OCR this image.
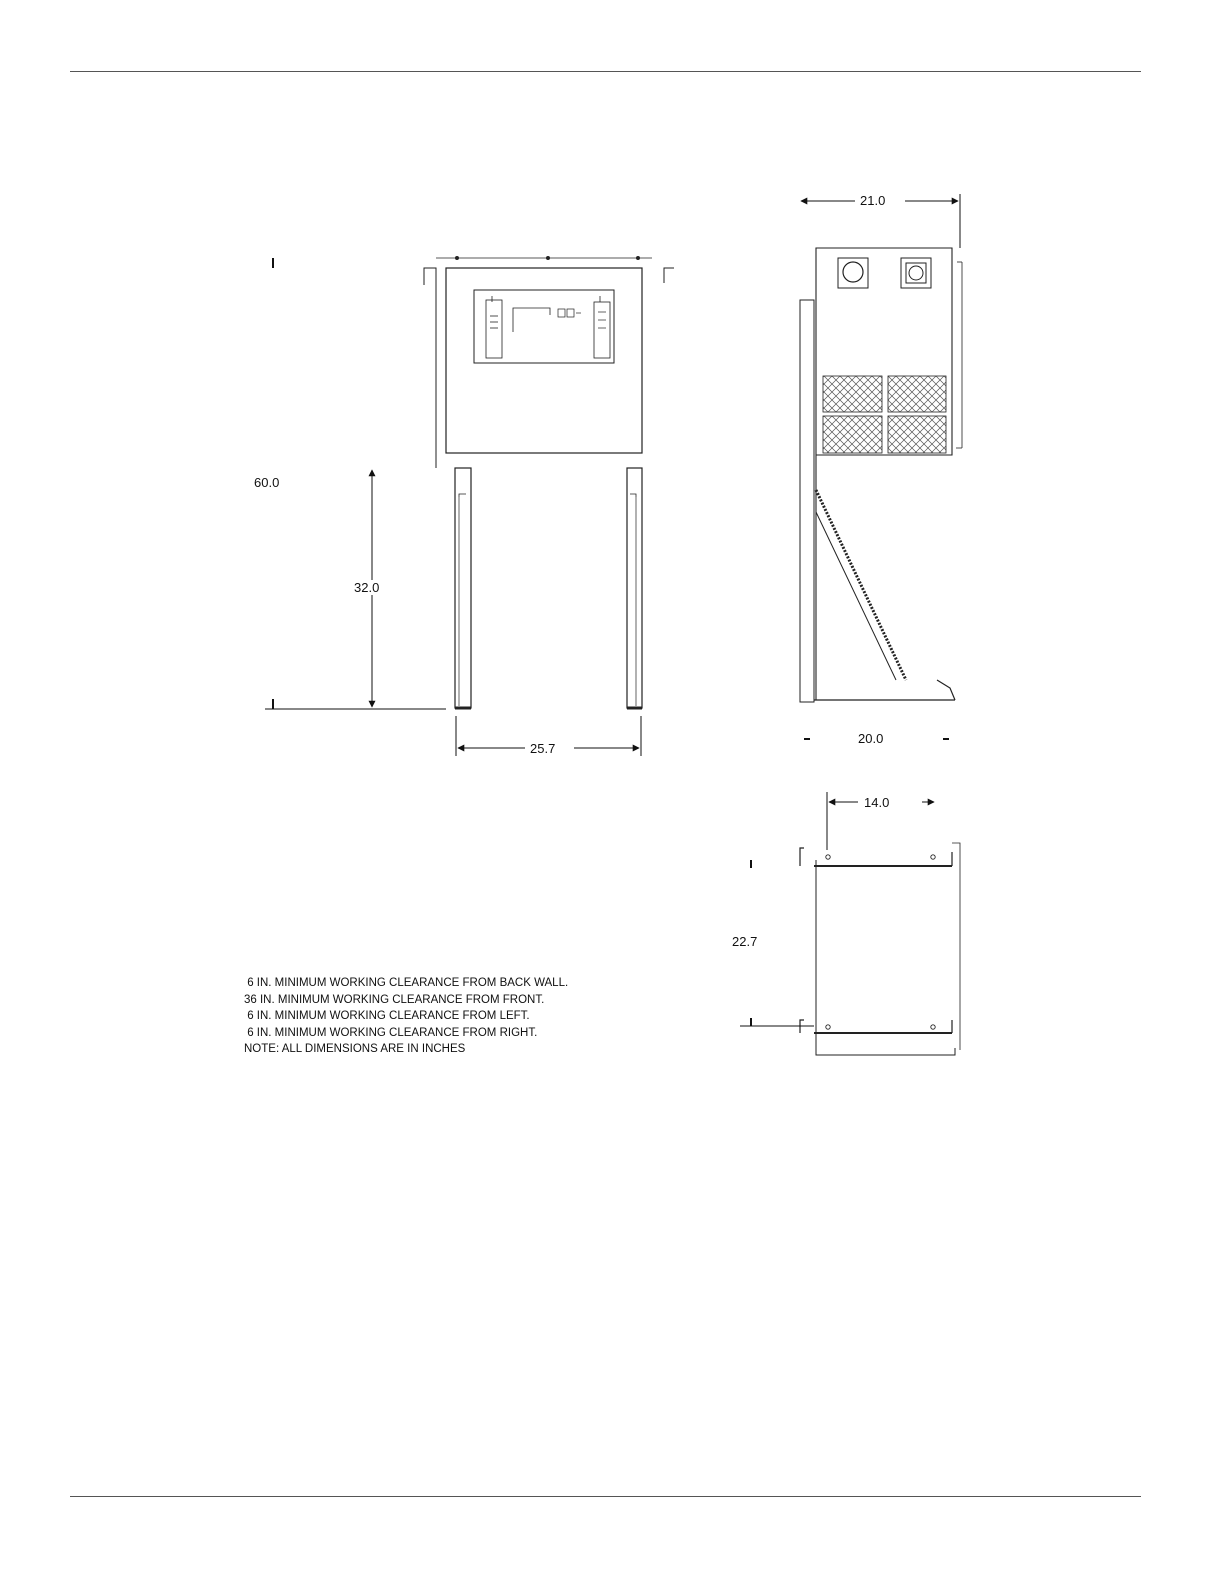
21.0
60.0
32.0
25.7
20.0
14.0
22.7
6 IN. MINIMUM WORKING CLEARANCE FROM BACK WALL.
36 IN. MINIMUM WORKING CLEARANCE FROM FRONT.
6 IN. MINIMUM WORKING CLEARANCE FROM LEFT.
6 IN. MINIMUM WORKING CLEARANCE FROM RIGHT.
NOTE: ALL DIMENSIONS ARE IN INCHES
